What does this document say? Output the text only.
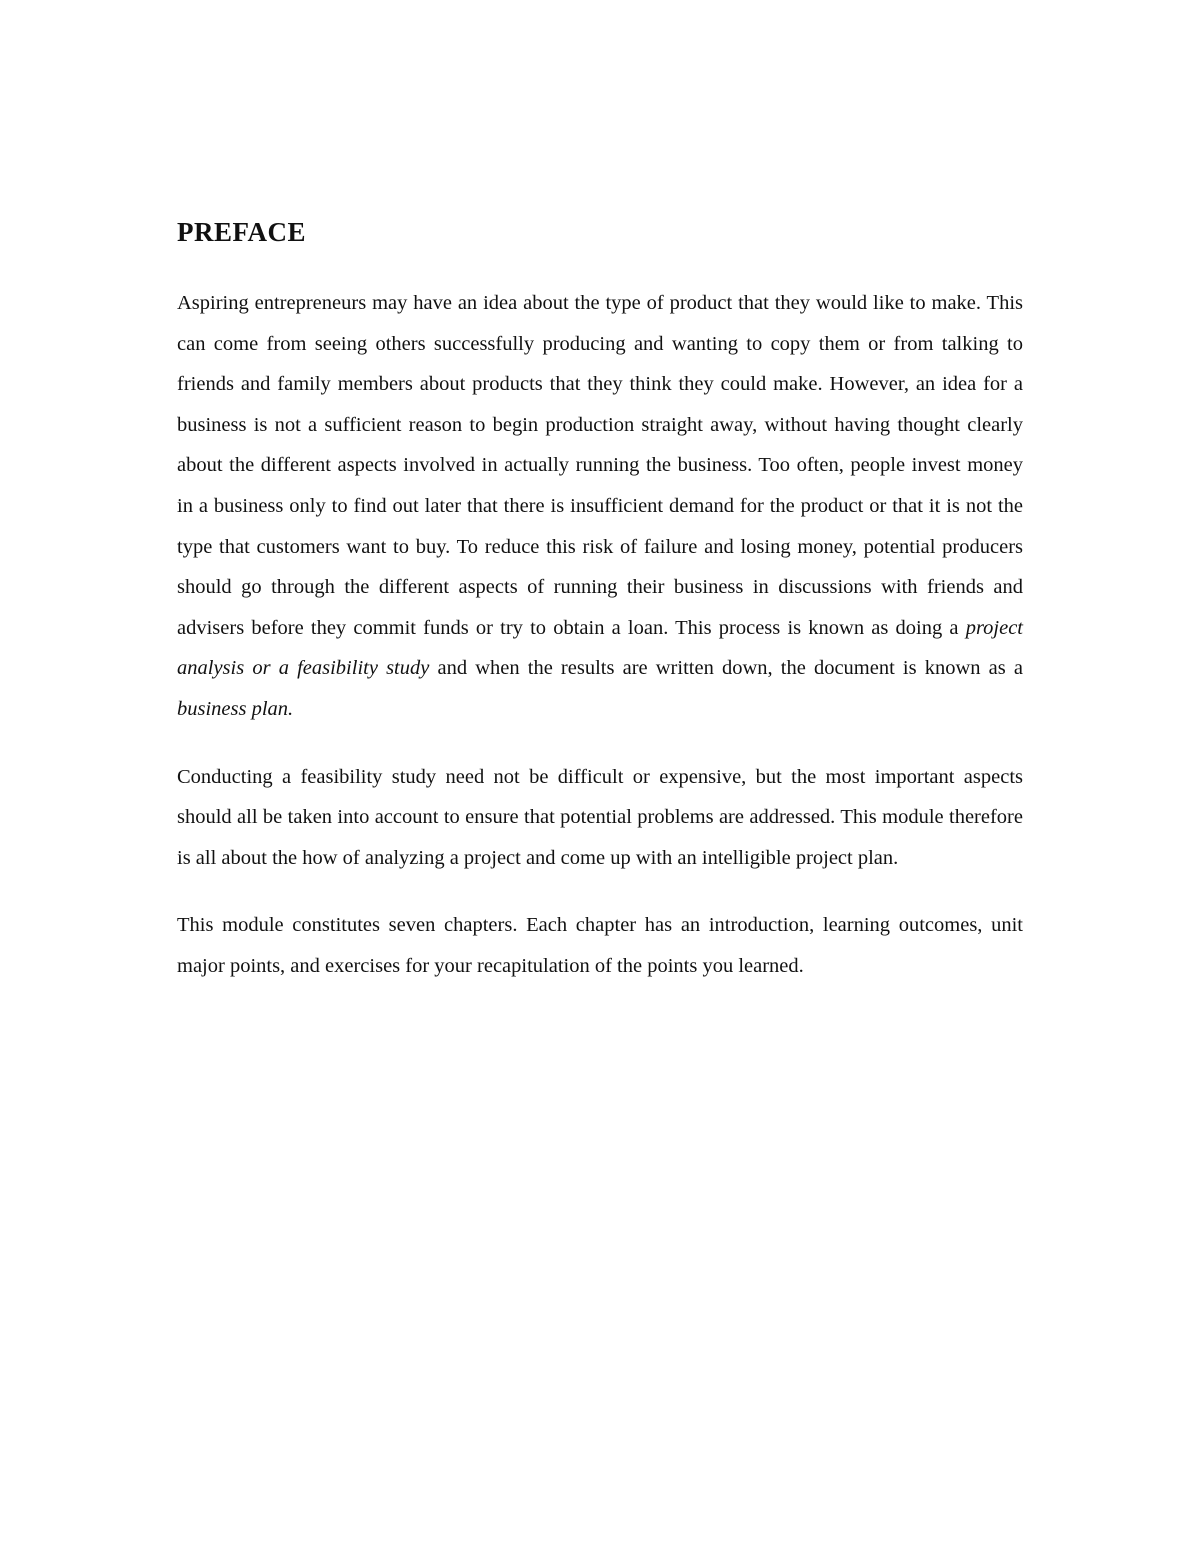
PREFACE

Aspiring entrepreneurs may have an idea about the type of product that they would like to make. This can come from seeing others successfully producing and wanting to copy them or from talking to friends and family members about products that they think they could make. However, an idea for a business is not a sufficient reason to begin production straight away, without having thought clearly about the different aspects involved in actually running the business. Too often, people invest money in a business only to find out later that there is insufficient demand for the product or that it is not the type that customers want to buy. To reduce this risk of failure and losing money, potential producers should go through the different aspects of running their business in discussions with friends and advisers before they commit funds or try to obtain a loan. This process is known as doing a project analysis or a feasibility study and when the results are written down, the document is known as a business plan.

Conducting a feasibility study need not be difficult or expensive, but the most important aspects should all be taken into account to ensure that potential problems are addressed. This module therefore is all about the how of analyzing a project and come up with an intelligible project plan.

This module constitutes seven chapters. Each chapter has an introduction, learning outcomes, unit major points, and exercises for your recapitulation of the points you learned.
